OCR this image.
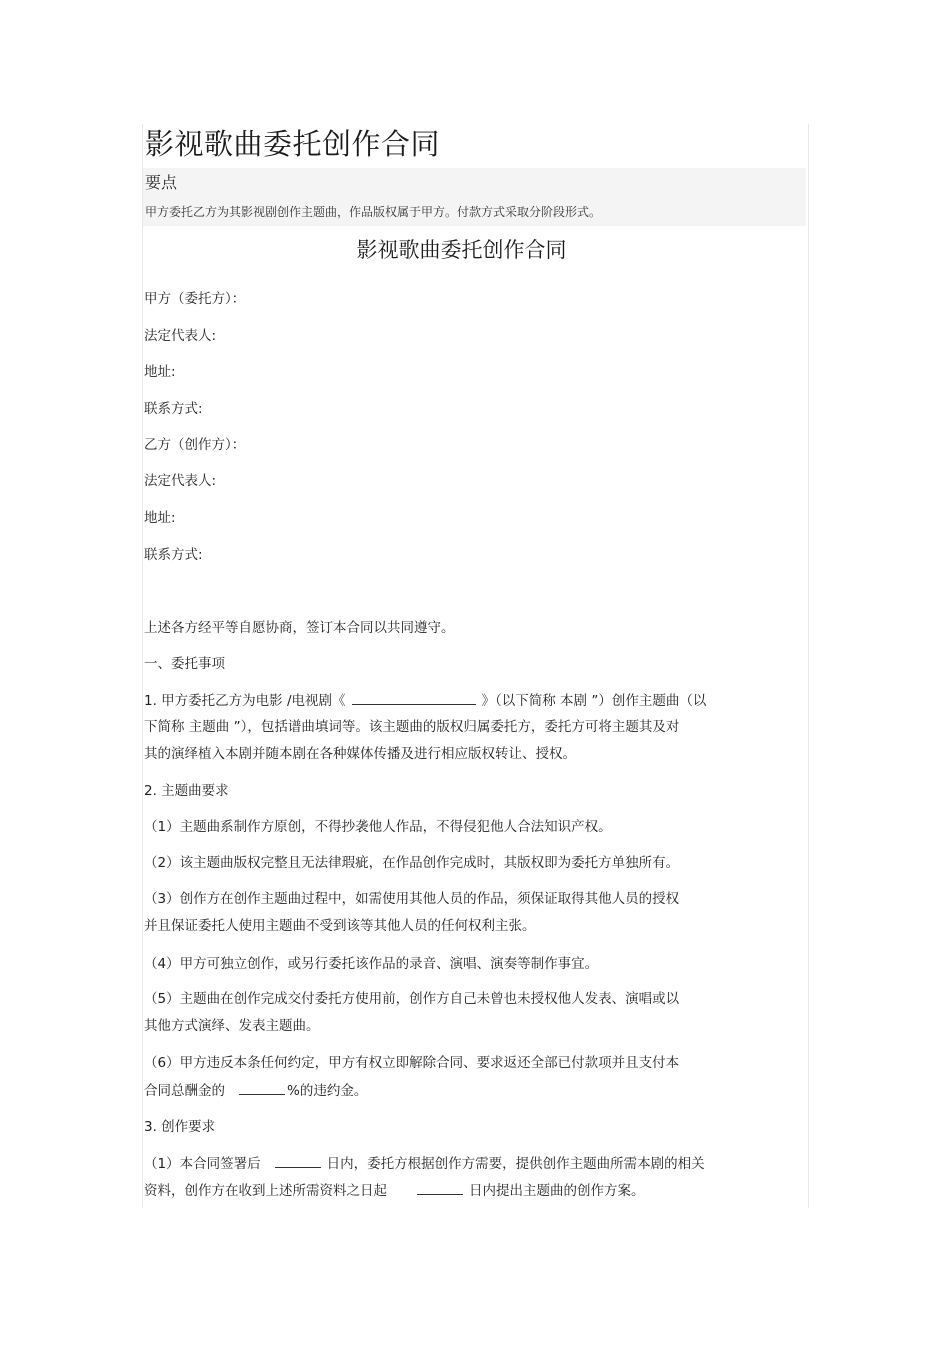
影视歌曲委托创作合同
要点
甲方委托乙方为其影视剧创作主题曲，作品版权属于甲方。付款方式采取分阶段形式。
影视歌曲委托创作合同
甲方（委托方）：
法定代表人:
地址:
联系方式:
乙方（创作方）：
法定代表人:
地址:
联系方式:
上述各方经平等自愿协商，签订本合同以共同遵守。
一、委托事项
1. 甲方委托乙方为电影 /电视剧《	》（以下简称 本剧 ”）创作主题曲（以
下简称 主题曲 ”），包括谱曲填词等。该主题曲的版权归属委托方，委托方可将主题其及对
其的演绎植入本剧并随本剧在各种媒体传播及进行相应版权转让、授权。
2. 主题曲要求
（1）主题曲系制作方原创，不得抄袭他人作品，不得侵犯他人合法知识产权。
（2）该主题曲版权完整且无法律瑕疵，在作品创作完成时，其版权即为委托方单独所有。
（3）创作方在创作主题曲过程中，如需使用其他人员的作品，须保证取得其他人员的授权
并且保证委托人使用主题曲不受到该等其他人员的任何权利主张。
（4）甲方可独立创作，或另行委托该作品的录音、演唱、演奏等制作事宜。
（5）主题曲在创作完成交付委托方使用前，创作方自己未曾也未授权他人发表、演唱或以
其他方式演绎、发表主题曲。
（6）甲方违反本条任何约定，甲方有权立即解除合同、要求返还全部已付款项并且支付本
合同总酬金的	%的违约金。
3. 创作要求
（1）本合同签署后	日内，委托方根据创作方需要，提供创作主题曲所需本剧的相关
资料，创作方在收到上述所需资料之日起	日内提出主题曲的创作方案。
